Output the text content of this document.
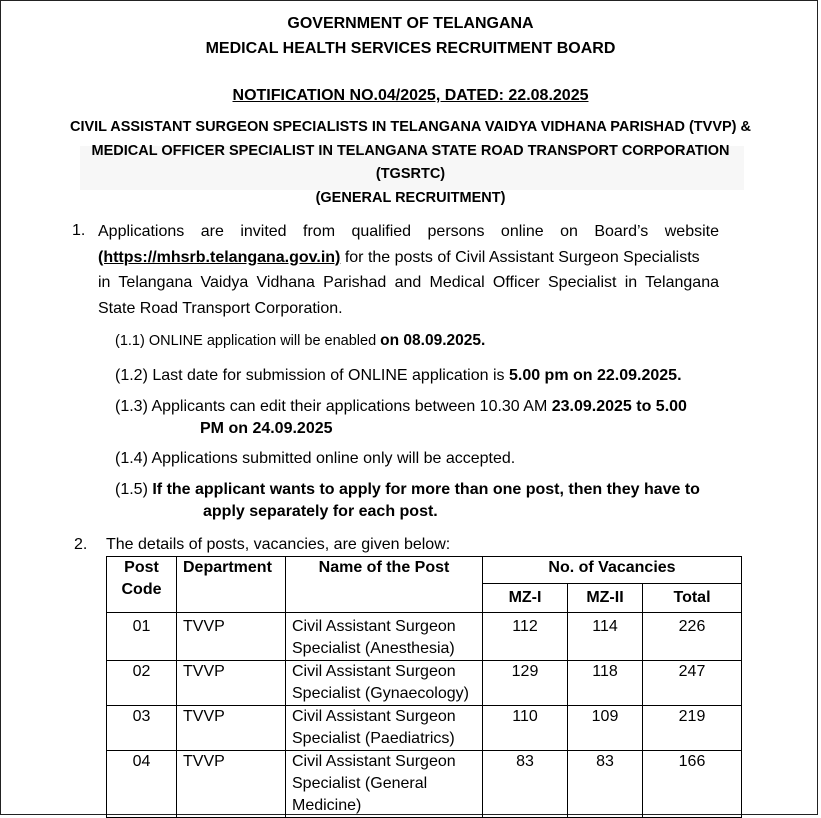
GOVERNMENT OF TELANGANA
MEDICAL HEALTH SERVICES RECRUITMENT BOARD
NOTIFICATION NO.04/2025, DATED: 22.08.2025
CIVIL ASSISTANT SURGEON SPECIALISTS IN TELANGANA VAIDYA VIDHANA PARISHAD (TVVP) &
MEDICAL OFFICER SPECIALIST IN TELANGANA STATE ROAD TRANSPORT CORPORATION
(TGSRTC)
(GENERAL RECRUITMENT)
1. Applications are invited from qualified persons online on Board’s website
(https://mhsrb.telangana.gov.in) for the posts of Civil Assistant Surgeon Specialists
in Telangana Vaidya Vidhana Parishad and Medical Officer Specialist in Telangana
State Road Transport Corporation.
(1.1) ONLINE application will be enabled on 08.09.2025.
(1.2) Last date for submission of ONLINE application is 5.00 pm on 22.09.2025.
(1.3) Applicants can edit their applications between 10.30 AM 23.09.2025 to 5.00
PM on 24.09.2025
(1.4) Applications submitted online only will be accepted.
(1.5) If the applicant wants to apply for more than one post, then they have to
apply separately for each post.
2. The details of posts, vacancies, are given below:
Post
Code	Department	Name of the Post	No. of Vacancies		
			MZ-I	MZ-II	Total
01	TVVP	Civil Assistant Surgeon
Specialist (Anesthesia)	112	114	226
02	TVVP	Civil Assistant Surgeon
Specialist (Gynaecology)	129	118	247
03	TVVP	Civil Assistant Surgeon
Specialist (Paediatrics)	110	109	219
04	TVVP	Civil Assistant Surgeon
Specialist (General
Medicine)	83	83	166
